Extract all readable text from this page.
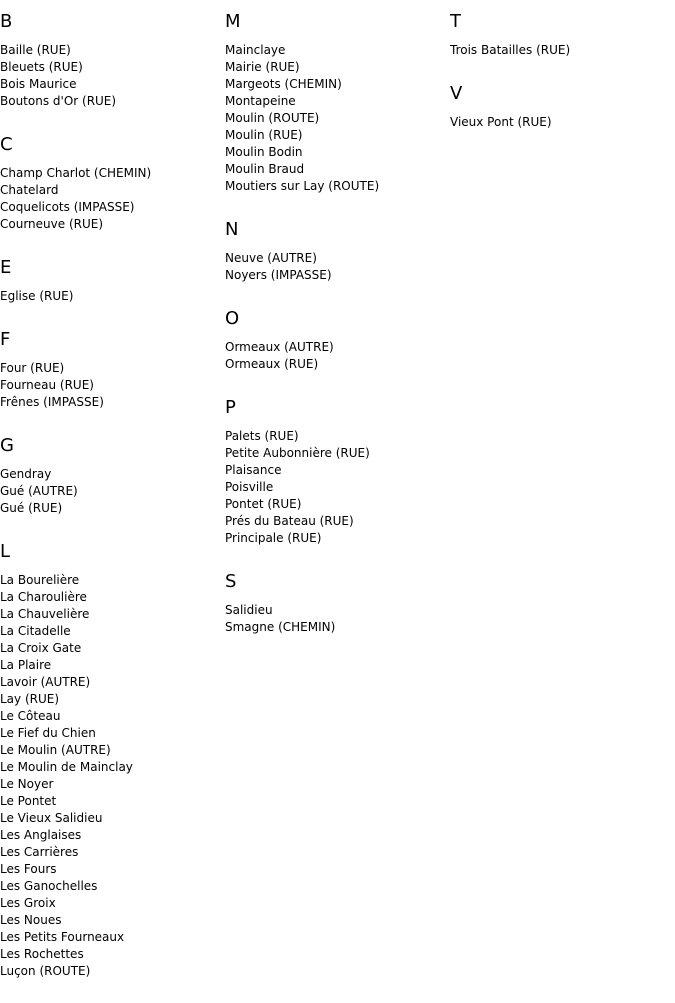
B
Baille (RUE)
Bleuets (RUE)
Bois Maurice
Boutons d'Or (RUE)
C
Champ Charlot (CHEMIN)
Chatelard
Coquelicots (IMPASSE)
Courneuve (RUE)
E
Eglise (RUE)
F
Four (RUE)
Fourneau (RUE)
Frênes (IMPASSE)
G
Gendray
Gué (AUTRE)
Gué (RUE)
L
La Bourelière
La Charoulière
La Chauvelière
La Citadelle
La Croix Gate
La Plaire
Lavoir (AUTRE)
Lay (RUE)
Le Côteau
Le Fief du Chien
Le Moulin (AUTRE)
Le Moulin de Mainclay
Le Noyer
Le Pontet
Le Vieux Salidieu
Les Anglaises
Les Carrières
Les Fours
Les Ganochelles
Les Groix
Les Noues
Les Petits Fourneaux
Les Rochettes
Luçon (ROUTE)
M
Mainclaye
Mairie (RUE)
Margeots (CHEMIN)
Montapeine
Moulin (ROUTE)
Moulin (RUE)
Moulin Bodin
Moulin Braud
Moutiers sur Lay (ROUTE)
N
Neuve (AUTRE)
Noyers (IMPASSE)
O
Ormeaux (AUTRE)
Ormeaux (RUE)
P
Palets (RUE)
Petite Aubonnière (RUE)
Plaisance
Poisville
Pontet (RUE)
Prés du Bateau (RUE)
Principale (RUE)
S
Salidieu
Smagne (CHEMIN)
T
Trois Batailles (RUE)
V
Vieux Pont (RUE)
